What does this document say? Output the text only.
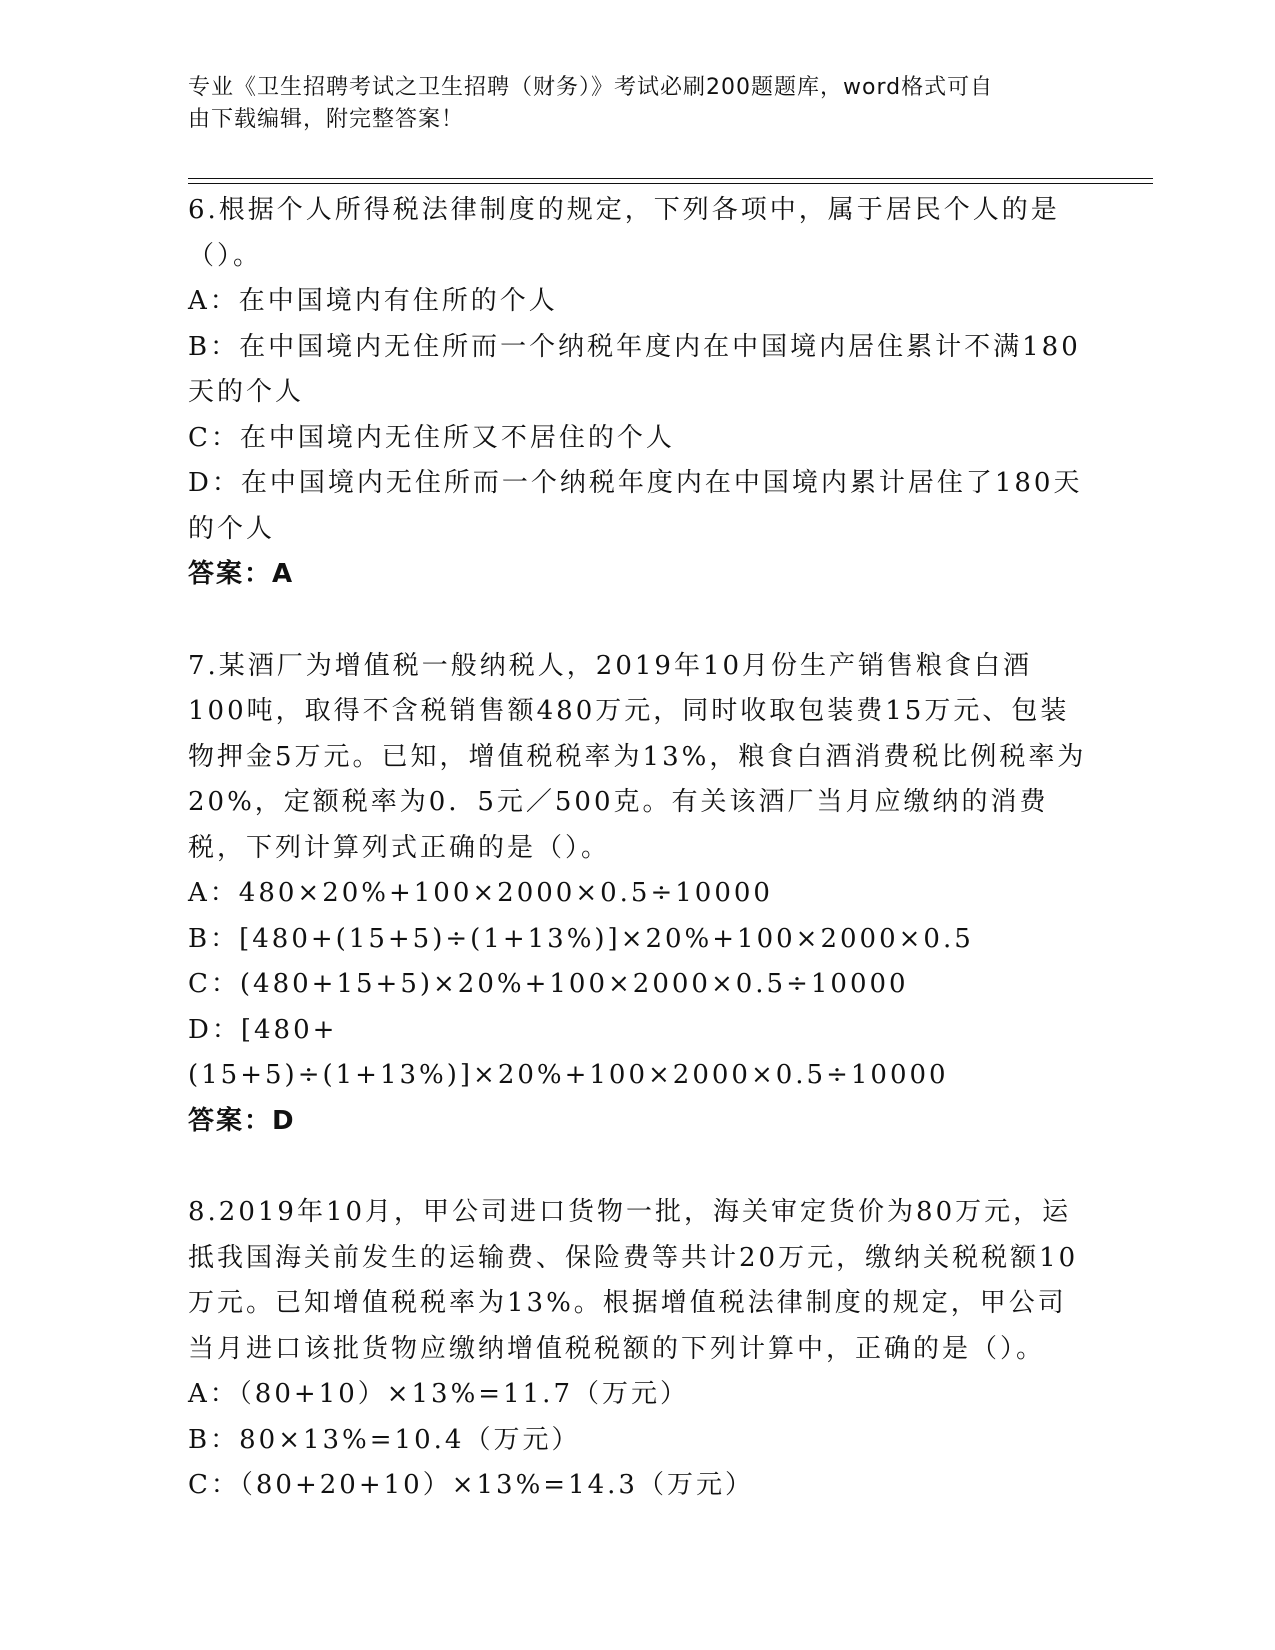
专业《卫生招聘考试之卫生招聘（财务）》考试必刷200题题库，word格式可自
由下载编辑，附完整答案！

6.根据个人所得税法律制度的规定，下列各项中，属于居民个人的是（）。

A：在中国境内有住所的个人

B：在中国境内无住所而一个纳税年度内在中国境内居住累计不满180天的个人

C：在中国境内无住所又不居住的个人

D：在中国境内无住所而一个纳税年度内在中国境内累计居住了180天的个人

答案：A

7.某酒厂为增值税一般纳税人，2019年10月份生产销售粮食白酒100吨，取得不含税销售额480万元，同时收取包装费15万元、包装物押金5万元。已知，增值税税率为13%，粮食白酒消费税比例税率为20%，定额税率为0．5元／500克。有关该酒厂当月应缴纳的消费税，下列计算列式正确的是（）。

A：480×20%+100×2000×0.5÷10000

B：[480+(15+5)÷(1+13%)]×20%+100×2000×0.5

C：(480+15+5)×20%+100×2000×0.5÷10000

D：[480+(15+5)÷(1+13%)]×20%+100×2000×0.5÷10000

答案：D

8.2019年10月，甲公司进口货物一批，海关审定货价为80万元，运抵我国海关前发生的运输费、保险费等共计20万元，缴纳关税税额10万元。已知增值税税率为13%。根据增值税法律制度的规定，甲公司当月进口该批货物应缴纳增值税税额的下列计算中，正确的是（）。

A：（80+10）×13%=11.7（万元）

B：80×13%=10.4（万元）

C：（80+20+10）×13%=14.3（万元）
